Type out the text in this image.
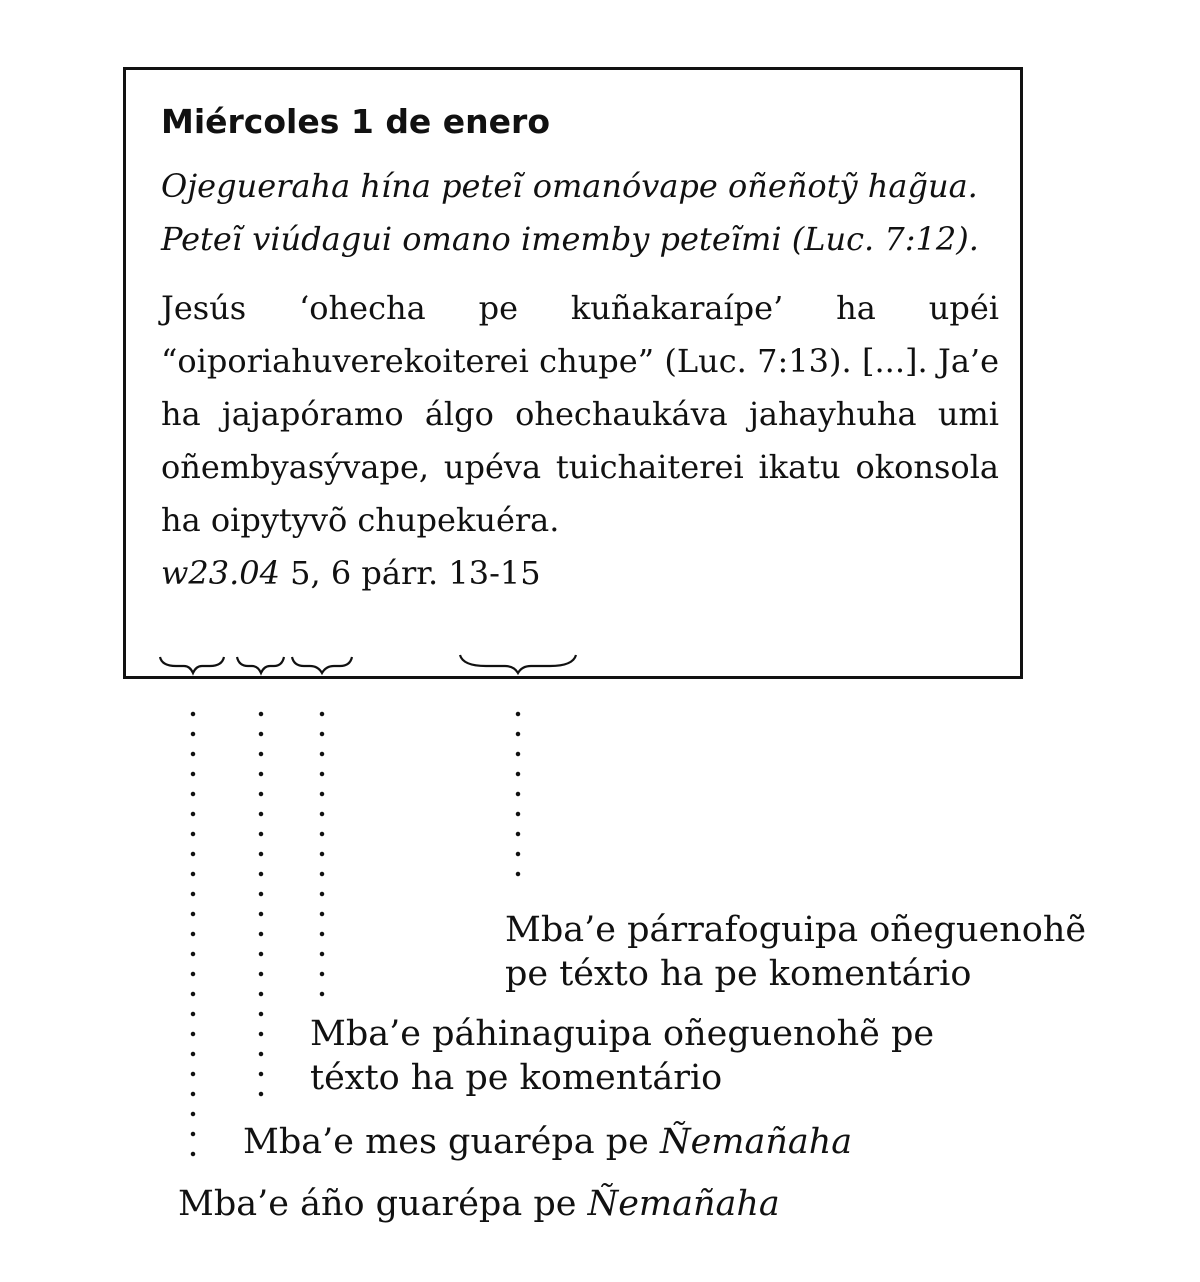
Miércoles 1 de enero

Ojegueraha hína peteĩ omanóvape oñeñotỹ hag̃ua. Peteĩ viúdagui omano imemby peteĩmi (Luc. 7:12).

Jesús ‘ohecha pe kuñakaraípe’ ha upéi “oiporiahuverekoiterei chupe” (Luc. 7:13). [...]. Ja’e ha jajapóramo álgo ohechaukáva jahayhuha umi oñembyasývape, upéva tuichaiterei ikatu okonsola ha oipytyvõ chupekuéra.
w23.04 5, 6 párr. 13-15

Mba’e párrafoguipa oñeguenohẽ
pe téxto ha pe komentário
Mba’e páhinaguipa oñeguenohẽ pe
téxto ha pe komentário
Mba’e mes guarépa pe Ñemañaha
Mba’e áño guarépa pe Ñemañaha
